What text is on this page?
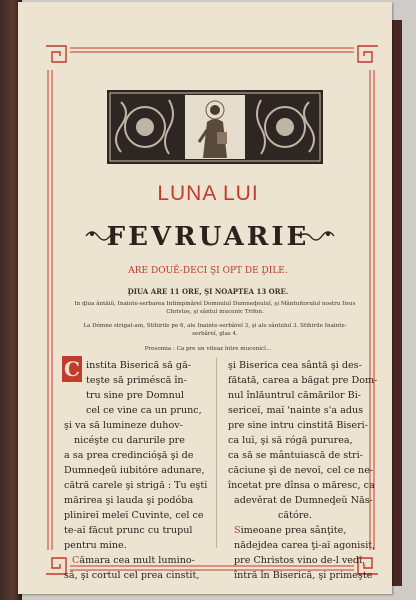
LUNA LUI
FEVRUARIE
ARE DOUĚ-DECI ŞI OPT DE ḐILE.
ḐIUA ARE 11 ORE, ŞI NOAPTEA 13 ORE.
In ḑiua ântâiŭ, Inainte-serbarea Intimpinăreĭ Domnuluĭ Dumneḑeuluĭ, şi Mântuitoruluĭ nostru Iisus
Christos, şi sântul mucenic Trifon.
La Dómne strigat-am, Stihirile pe 6, ale Inainte-serbăreĭ 3, şi ale sântuluĭ 3. Stihirile Inainte-
serbăreĭ, glas 4.
Prosomia : Ca pre un viteaz între mucenicĭ...
C instita Biserică să gă-

teşte să priméscă în-

tru sine pre Domnul

cel ce vine ca un prunc,

şi va să lumineze duhov-

nicéşte cu darurile pre

a sa prea credincióşă şi de

Dumneḑeŭ iubitóre adunare,

cătră carele şi strigă : Tu eştĭ

mărirea şi lauda şi podóba

plinireĭ meleĭ Cuvinte, cel ce

te-aĭ făcut prunc cu trupul

pentru mine.

Cămara cea mult lumino-

să, şi cortul cel prea cinstit,

şi Biserica cea sântă şi des-

fătată, carea a băgat pre Dom-

nul înlăuntrul cămărilor Bi-

sericeĭ, maĭ 'nainte s'a adus

pre sine intru cinstită Biseri-

ca luĭ, şi să rógă pururea,

ca să se mântuiască de stri-

căciune şi de nevoĭ, cel ce ne-

încetat pre dînsa o măresc, ca

adevĕrat de Dumneḑeŭ Năs-

cătóre.

Simeoane prea sânţite,

nădejdea carea ţi-aĭ agonisit,

pre Christos vino de-l vedĭ,

întră în Biserică, şi primeşte
